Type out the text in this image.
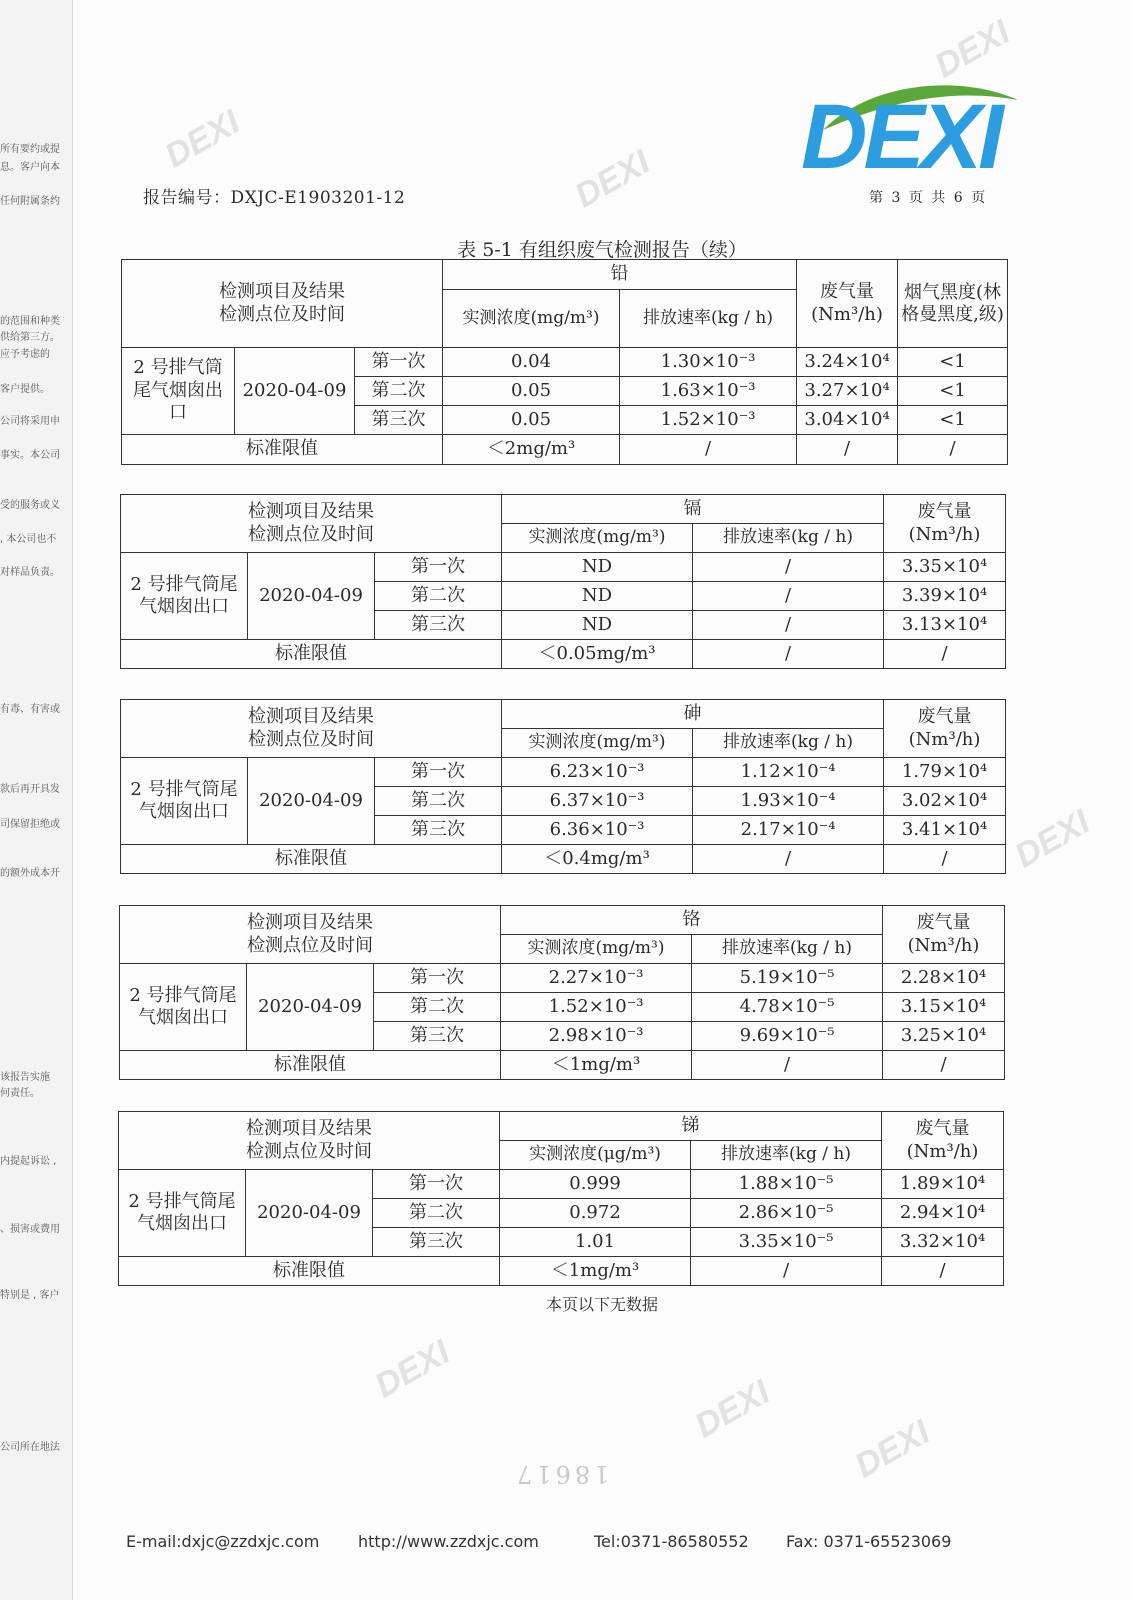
所有要约或提
息。客户向本
任何附属条约
的范围和种类
供给第三方。
应予考虑的
客户提供。
公司将采用申
事实。本公司
受的服务或义
, 本公司也不
对样品负责。
有毒、有害或
款后再开具发
司保留拒绝或
的额外成本开
该报告实施
何责任。
内提起诉讼 ,
、损害或费用
特别是 , 客户
公司所在地法
DEXI
DEXI
DEXI
DEXI
DEXI
DEXI
DEXI
DEXI
报告编号：DXJC-E1903201-12	第 3 页 共 6 页
表 5-1 有组织废气检测报告（续）
检测项目及结果
检测点位及时间			铅		废气量
(Nm³/h)	烟气黑度(林格曼黑度,级)
			实测浓度(mg/m³)	排放速率(kg / h)		
2 号排气筒尾气烟囱出口	2020-04-09	第一次	0.04	1.30×10⁻³	3.24×10⁴	<1
		第二次	0.05	1.63×10⁻³	3.27×10⁴	<1
		第三次	0.05	1.52×10⁻³	3.04×10⁴	<1
标准限值			＜2mg/m³	/	/	/
检测项目及结果
检测点位及时间			镉		废气量
(Nm³/h)
			实测浓度(mg/m³)	排放速率(kg / h)	
2 号排气筒尾气烟囱出口	2020-04-09	第一次	ND	/	3.35×10⁴
		第二次	ND	/	3.39×10⁴
		第三次	ND	/	3.13×10⁴
标准限值			＜0.05mg/m³	/	/
检测项目及结果
检测点位及时间			砷		废气量
(Nm³/h)
			实测浓度(mg/m³)	排放速率(kg / h)	
2 号排气筒尾气烟囱出口	2020-04-09	第一次	6.23×10⁻³	1.12×10⁻⁴	1.79×10⁴
		第二次	6.37×10⁻³	1.93×10⁻⁴	3.02×10⁴
		第三次	6.36×10⁻³	2.17×10⁻⁴	3.41×10⁴
标准限值			＜0.4mg/m³	/	/
检测项目及结果
检测点位及时间			铬		废气量
(Nm³/h)
			实测浓度(mg/m³)	排放速率(kg / h)	
2 号排气筒尾气烟囱出口	2020-04-09	第一次	2.27×10⁻³	5.19×10⁻⁵	2.28×10⁴
		第二次	1.52×10⁻³	4.78×10⁻⁵	3.15×10⁴
		第三次	2.98×10⁻³	9.69×10⁻⁵	3.25×10⁴
标准限值			＜1mg/m³	/	/
检测项目及结果
检测点位及时间			锑		废气量
(Nm³/h)
			实测浓度(μg/m³)	排放速率(kg / h)	
2 号排气筒尾气烟囱出口	2020-04-09	第一次	0.999	1.88×10⁻⁵	1.89×10⁴
		第二次	0.972	2.86×10⁻⁵	2.94×10⁴
		第三次	1.01	3.35×10⁻⁵	3.32×10⁴
标准限值			＜1mg/m³	/	/
本页以下无数据
18617
E-mail:dxjc@zzdxjc.com http://www.zzdxjc.com	Tel:0371-86580552 Fax: 0371-65523069
